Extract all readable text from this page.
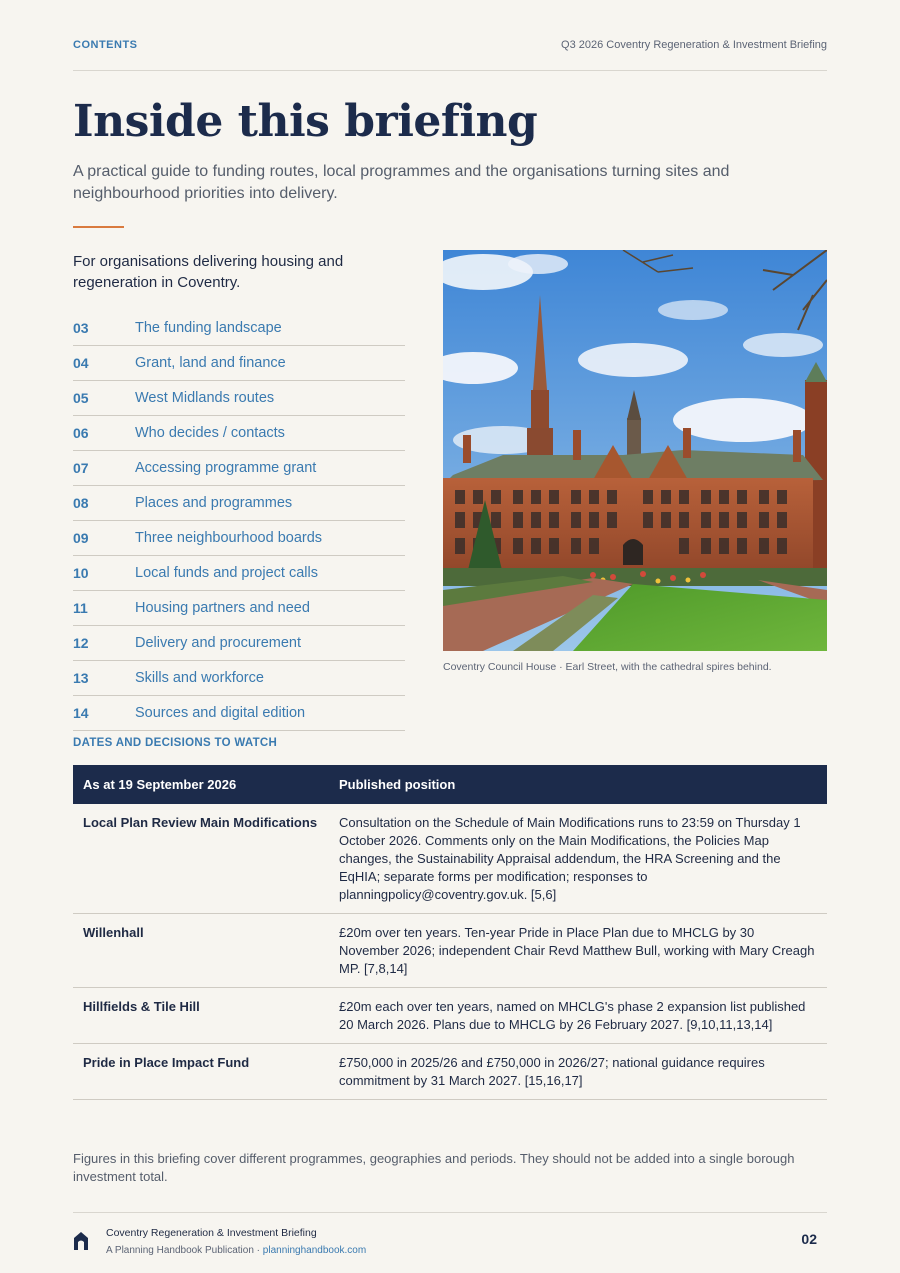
CONTENTS	Q3 2026 Coventry Regeneration & Investment Briefing
Inside this briefing

A practical guide to funding routes, local programmes and the organisations turning sites and neighbourhood priorities into delivery.

For organisations delivering housing and regeneration in Coventry.

03	The funding landscape
04	Grant, land and finance
05	West Midlands routes
06	Who decides / contacts
07	Accessing programme grant
08	Places and programmes
09	Three neighbourhood boards
10	Local funds and project calls
11	Housing partners and need
12	Delivery and procurement
13	Skills and workforce
14	Sources and digital edition
Coventry Council House · Earl Street, with the cathedral spires behind.
DATES AND DECISIONS TO WATCH
As at 19 September 2026	Published position
Local Plan Review Main Modifications	Consultation on the Schedule of Main Modifications runs to 23:59 on Thursday 1 October 2026. Comments only on the Main Modifications, the Policies Map changes, the Sustainability Appraisal addendum, the HRA Screening and the EqHIA; separate forms per modification; responses to planningpolicy@coventry.gov.uk. [5,6]
Willenhall	£20m over ten years. Ten-year Pride in Place Plan due to MHCLG by 30 November 2026; independent Chair Revd Matthew Bull, working with Mary Creagh MP. [7,8,14]
Hillfields & Tile Hill	£20m each over ten years, named on MHCLG's phase 2 expansion list published 20 March 2026. Plans due to MHCLG by 26 February 2027. [9,10,11,13,14]
Pride in Place Impact Fund	£750,000 in 2025/26 and £750,000 in 2026/27; national guidance requires commitment by 31 March 2027. [15,16,17]

Figures in this briefing cover different programmes, geographies and periods. They should not be added into a single borough investment total.

Coventry Regeneration & Investment Briefing
A Planning Handbook Publication · planninghandbook.com
02
